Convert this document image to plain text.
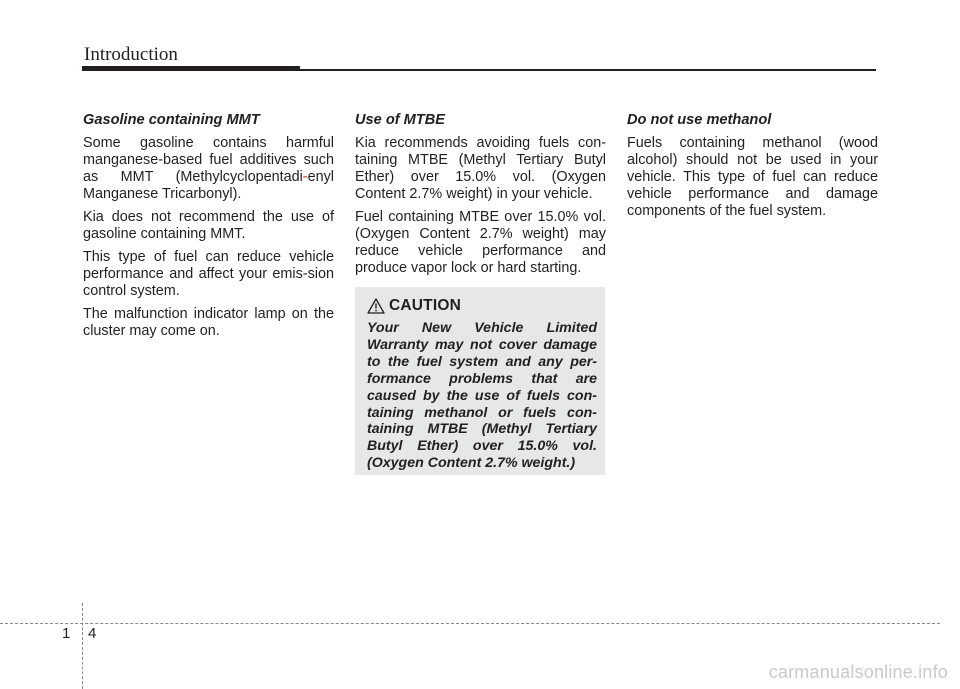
Introduction
Gasoline containing MMT

Some gasoline contains harmful manganese-based fuel additives such as MMT (Methylcyclopentadi-enyl Manganese Tricarbonyl).

Kia does not recommend the use of gasoline containing MMT.

This type of fuel can reduce vehicle performance and affect your emis-sion control system.

The malfunction indicator lamp on the cluster may come on.

Use of MTBE

Kia recommends avoiding fuels con-taining MTBE (Methyl Tertiary Butyl Ether) over 15.0% vol. (Oxygen Content 2.7% weight) in your vehicle.

Fuel containing MTBE over 15.0% vol. (Oxygen Content 2.7% weight) may reduce vehicle performance and produce vapor lock or hard starting.

CAUTION
Your New Vehicle Limited Warranty may not cover damage to the fuel system and any per-formance problems that are caused by the use of fuels con-taining methanol or fuels con-taining MTBE (Methyl Tertiary Butyl Ether) over 15.0% vol. (Oxygen Content 2.7% weight.)
Do not use methanol

Fuels containing methanol (wood alcohol) should not be used in your vehicle. This type of fuel can reduce vehicle performance and damage components of the fuel system.

1 4
carmanualsonline.info
